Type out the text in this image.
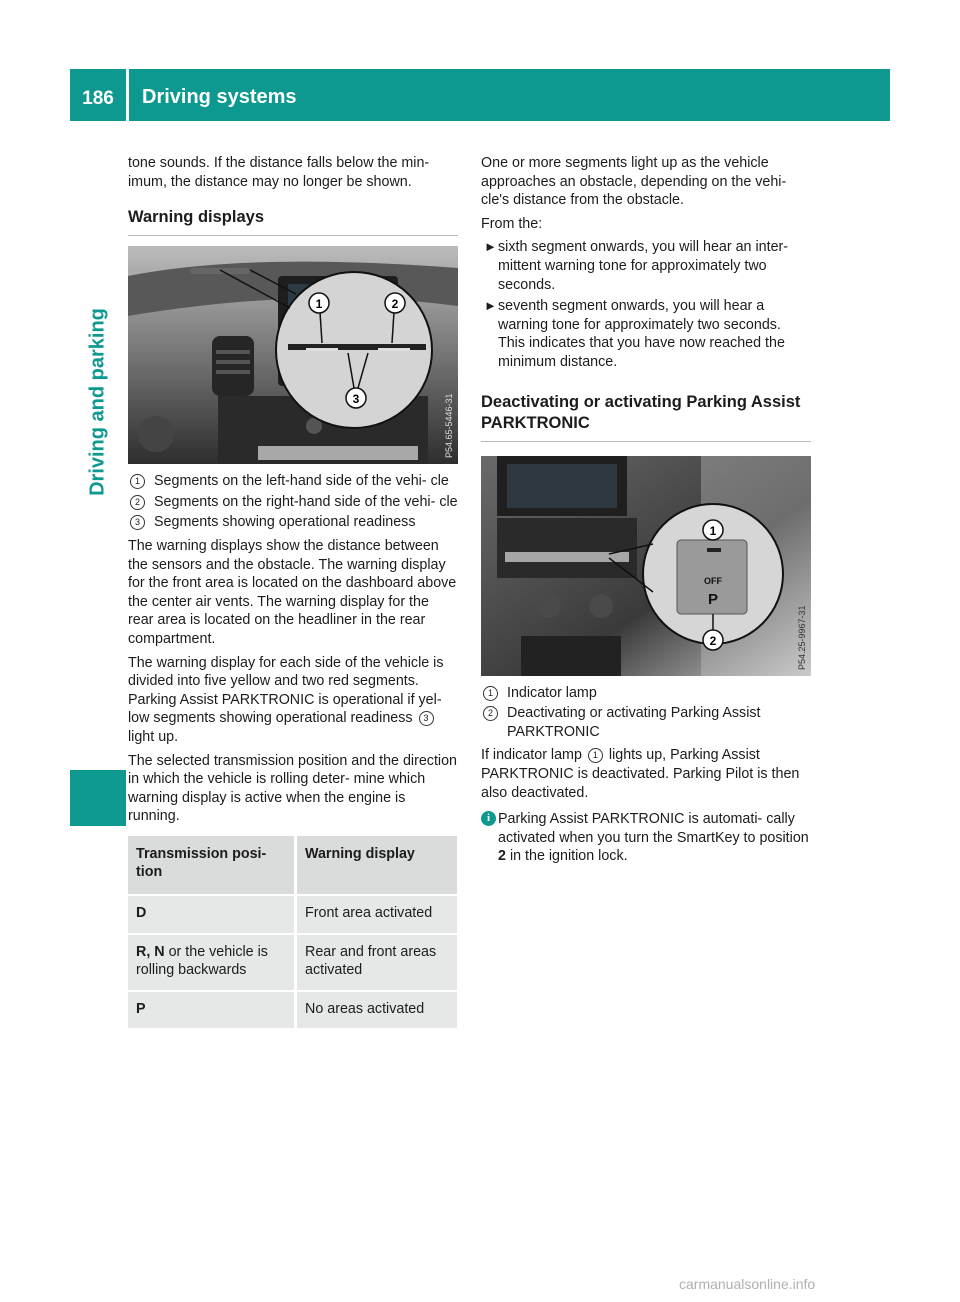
186	Driving systems
Driving and parking

tone sounds. If the distance falls below the min- imum, the distance may no longer be shown.

Warning displays
1	2
3	P54.65-5446-31
1 Segments on the left-hand side of the vehi- cle
2 Segments on the right-hand side of the vehi- cle
3 Segments showing operational readiness

The warning displays show the distance between the sensors and the obstacle. The warning display for the front area is located on the dashboard above the center air vents. The warning display for the rear area is located on the headliner in the rear compartment.

The warning display for each side of the vehicle is divided into five yellow and two red segments. Parking Assist PARKTRONIC is operational if yel- low segments showing operational readiness 3 light up.

The selected transmission position and the direction in which the vehicle is rolling deter- mine which warning display is active when the engine is running.

Transmission posi- tion	Warning display
D	Front area activated
R, N or the vehicle is rolling backwards	Rear and front areas activated
P	No areas activated

One or more segments light up as the vehicle approaches an obstacle, depending on the vehi- cle's distance from the obstacle.

From the:

► sixth segment onwards, you will hear an inter- mittent warning tone for approximately two seconds.
► seventh segment onwards, you will hear a warning tone for approximately two seconds. This indicates that you have now reached the minimum distance.
Deactivating or activating Parking Assist PARKTRONIC
OFF
P
1
2	P54.25-9967-31
1 Indicator lamp
2 Deactivating or activating Parking Assist PARKTRONIC

If indicator lamp 1 lights up, Parking Assist PARKTRONIC is deactivated. Parking Pilot is then also deactivated.

i Parking Assist PARKTRONIC is automati- cally activated when you turn the SmartKey to position 2 in the ignition lock.
carmanualsonline.info
